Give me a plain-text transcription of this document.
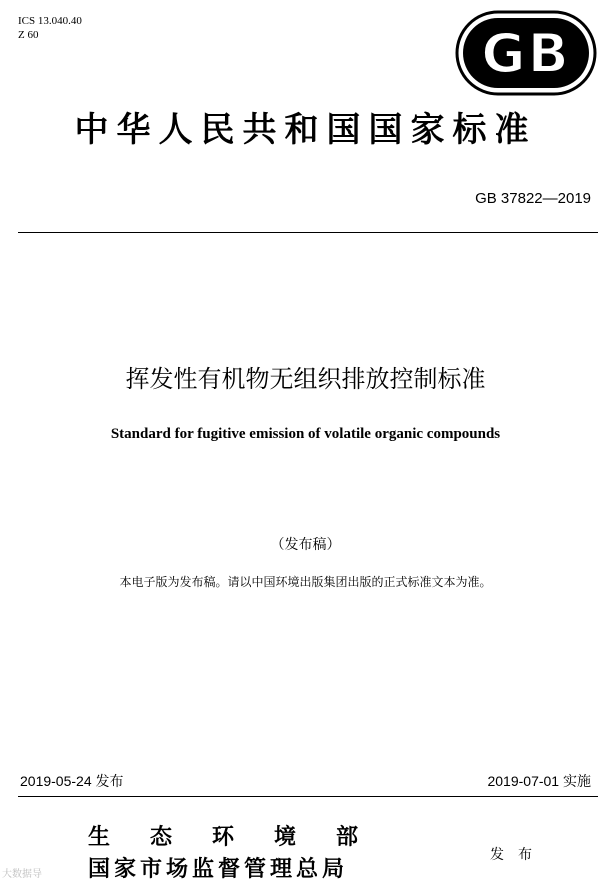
ICS 13.040.40
Z 60	GB
中华人民共和国国家标准
GB 37822—2019
挥发性有机物无组织排放控制标准
Standard for fugitive emission of volatile organic compounds
（发布稿）
本电子版为发布稿。请以中国环境出版集团出版的正式标准文本为准。
2019-05-24 发布	2019-07-01 实施
生态环境部
国家市场监督管理总局
发布
大数据导
